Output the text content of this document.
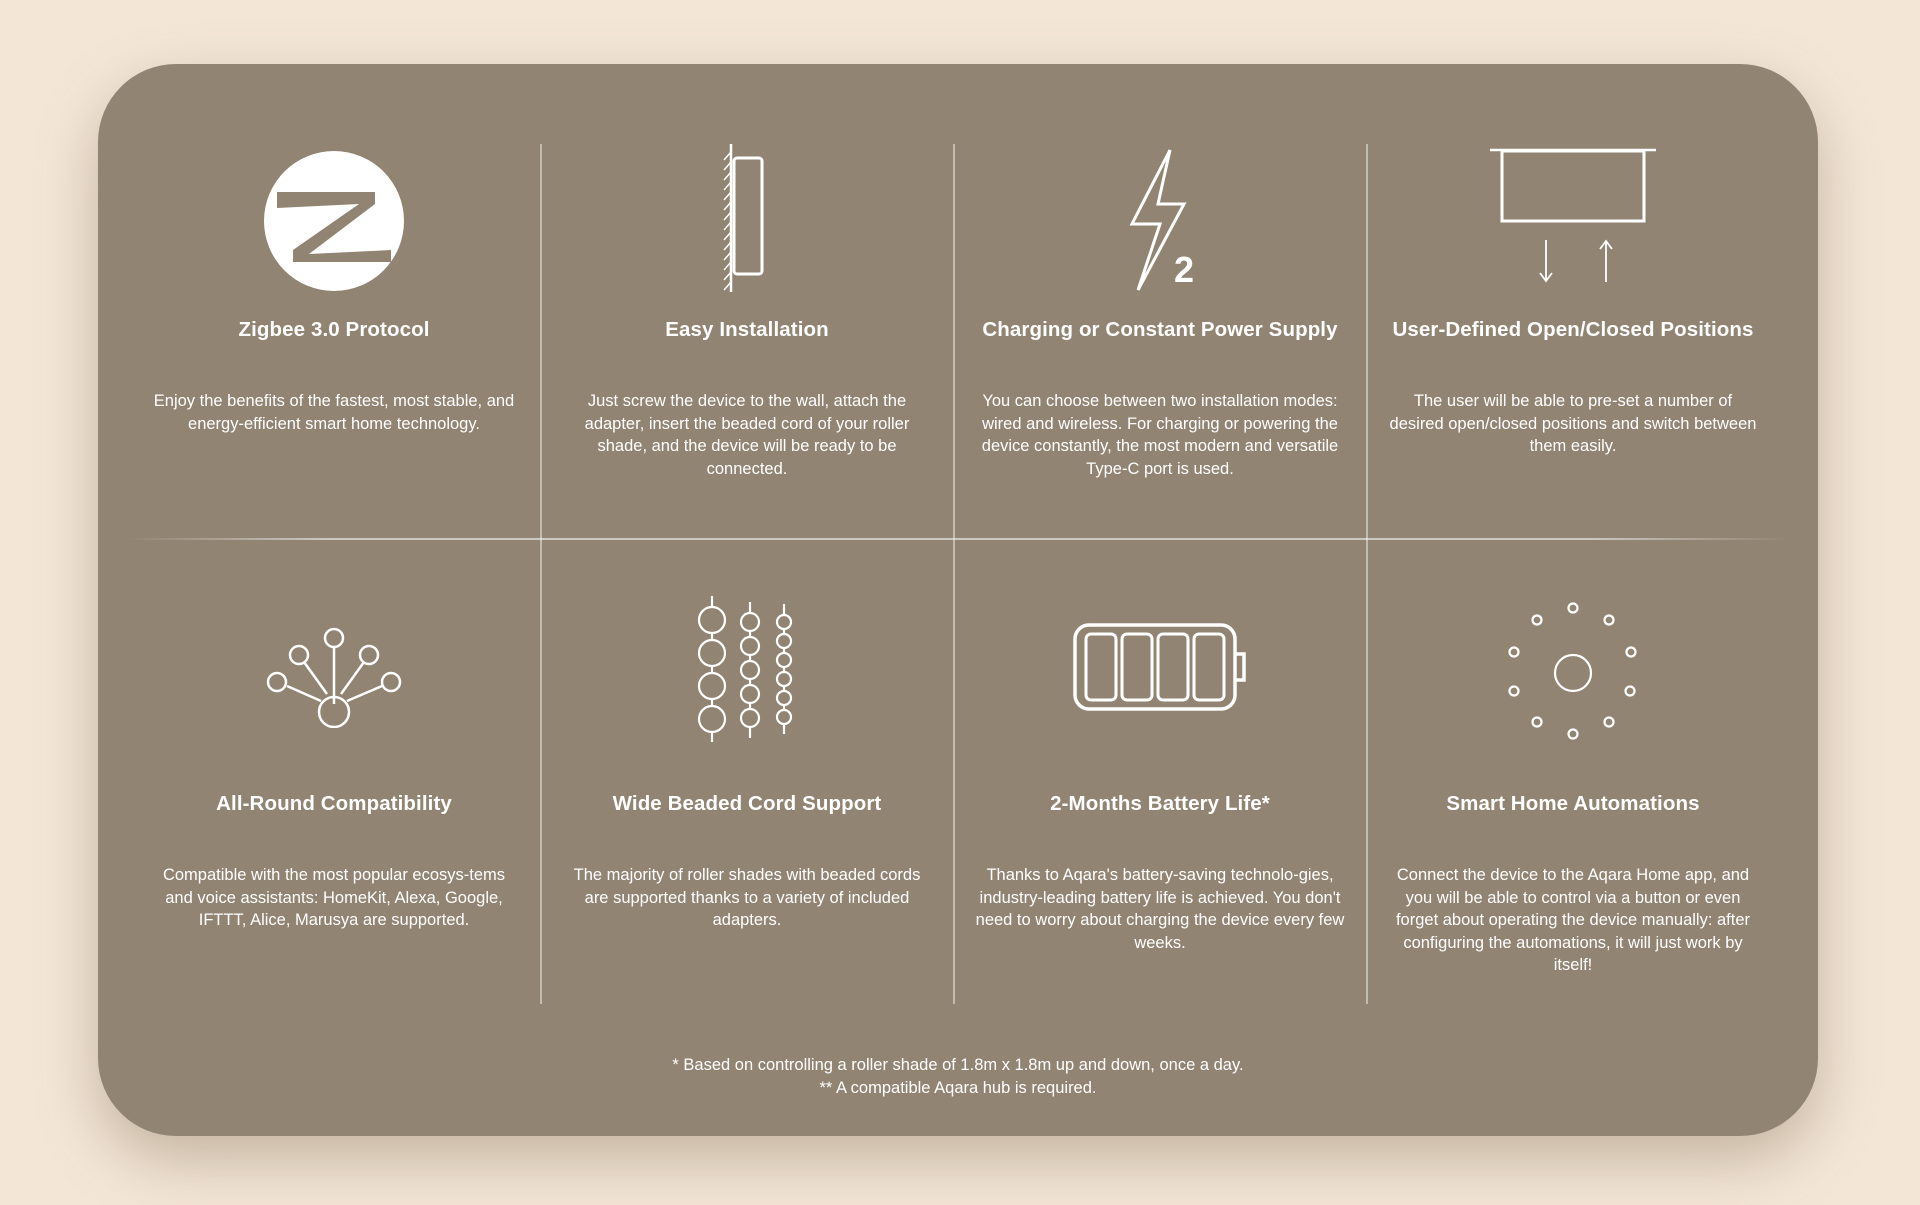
Zigbee 3.0 Protocol
Enjoy the benefits of the fastest, most stable, and energy-efficient smart home technology.
Easy Installation
Just screw the device to the wall, attach the adapter, insert the beaded cord of your roller shade, and the device will be ready to be connected.
2
Charging or Constant Power Supply
You can choose between two installation modes: wired and wireless. For charging or powering the device constantly, the most modern and versatile Type-C port is used.
User-Defined Open/Closed Positions
The user will be able to pre-set a number of desired open/closed positions and switch between them easily.
All-Round Compatibility
Compatible with the most popular ecosys-tems and voice assistants: HomeKit, Alexa, Google, IFTTT, Alice, Marusya are supported.
Wide Beaded Cord Support
The majority of roller shades with beaded cords are supported thanks to a variety of included adapters.
2-Months Battery Life*
Thanks to Aqara's battery-saving technolo-gies, industry-leading battery life is achieved. You don't need to worry about charging the device every few weeks.
Smart Home Automations
Connect the device to the Aqara Home app, and you will be able to control via a button or even forget about operating the device manually: after configuring the automations, it will just work by itself!
* Based on controlling a roller shade of 1.8m x 1.8m up and down, once a day.
** A compatible Aqara hub is required.
